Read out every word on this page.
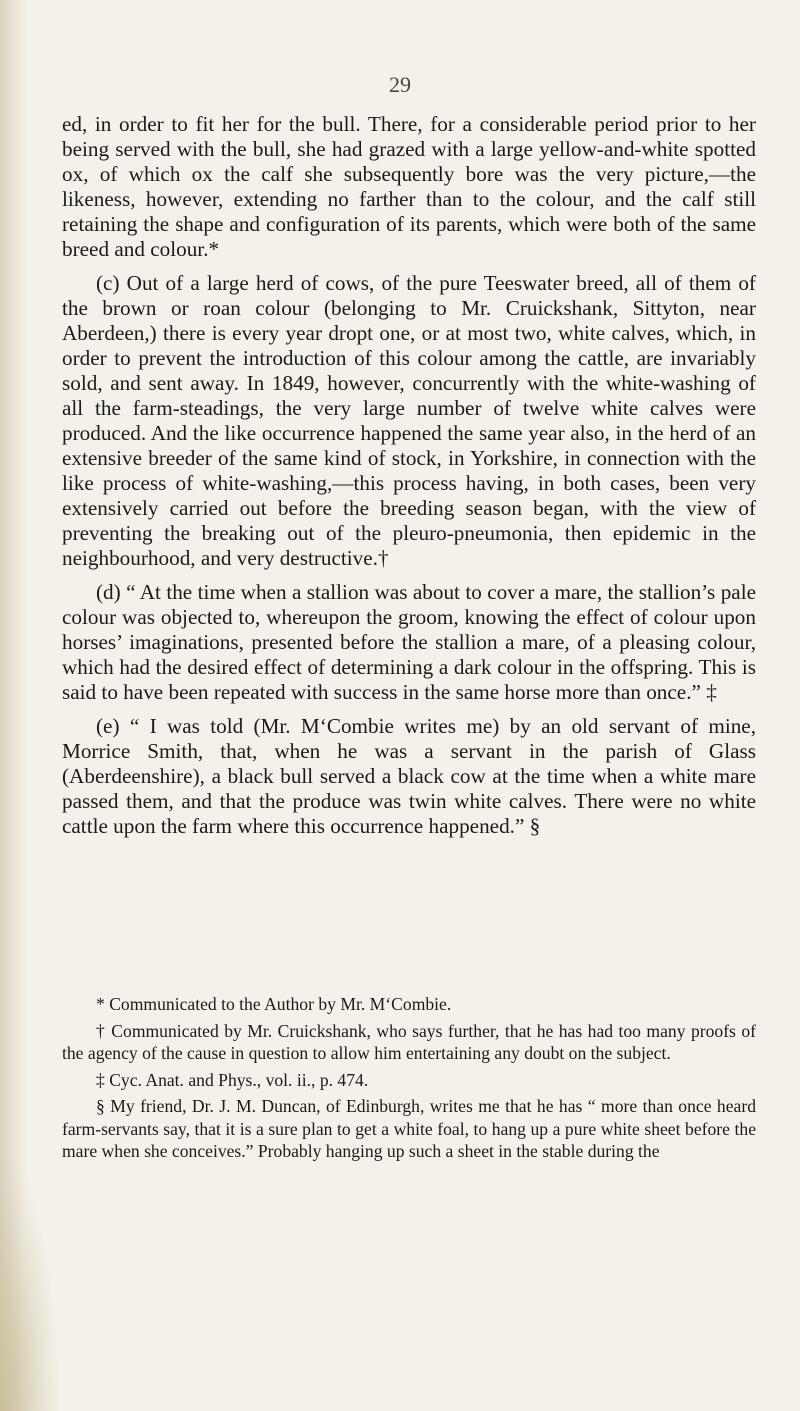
29

ed, in order to fit her for the bull. There, for a considerable period prior to her being served with the bull, she had grazed with a large yellow-and-white spotted ox, of which ox the calf she subsequently bore was the very picture,—the likeness, however, extending no farther than to the colour, and the calf still retaining the shape and configuration of its parents, which were both of the same breed and colour.*

(c) Out of a large herd of cows, of the pure Teeswater breed, all of them of the brown or roan colour (belonging to Mr. Cruickshank, Sittyton, near Aberdeen,) there is every year dropt one, or at most two, white calves, which, in order to prevent the introduction of this colour among the cattle, are invariably sold, and sent away. In 1849, however, concurrently with the white-washing of all the farm-steadings, the very large number of twelve white calves were produced. And the like occurrence happened the same year also, in the herd of an extensive breeder of the same kind of stock, in Yorkshire, in connection with the like process of white-washing,—this process having, in both cases, been very extensively carried out before the breeding season began, with the view of preventing the breaking out of the pleuro-pneumonia, then epidemic in the neighbourhood, and very destructive.†

(d) “ At the time when a stallion was about to cover a mare, the stallion’s pale colour was objected to, whereupon the groom, knowing the effect of colour upon horses’ imaginations, presented before the stallion a mare, of a pleasing colour, which had the desired effect of determining a dark colour in the offspring. This is said to have been repeated with success in the same horse more than once.” ‡

(e) “ I was told (Mr. M‘Combie writes me) by an old servant of mine, Morrice Smith, that, when he was a servant in the parish of Glass (Aberdeenshire), a black bull served a black cow at the time when a white mare passed them, and that the produce was twin white calves. There were no white cattle upon the farm where this occurrence happened.” §

* Communicated to the Author by Mr. M‘Combie.

† Communicated by Mr. Cruickshank, who says further, that he has had too many proofs of the agency of the cause in question to allow him entertaining any doubt on the subject.

‡ Cyc. Anat. and Phys., vol. ii., p. 474.

§ My friend, Dr. J. M. Duncan, of Edinburgh, writes me that he has “ more than once heard farm-servants say, that it is a sure plan to get a white foal, to hang up a pure white sheet before the mare when she conceives.” Probably hanging up such a sheet in the stable during the
